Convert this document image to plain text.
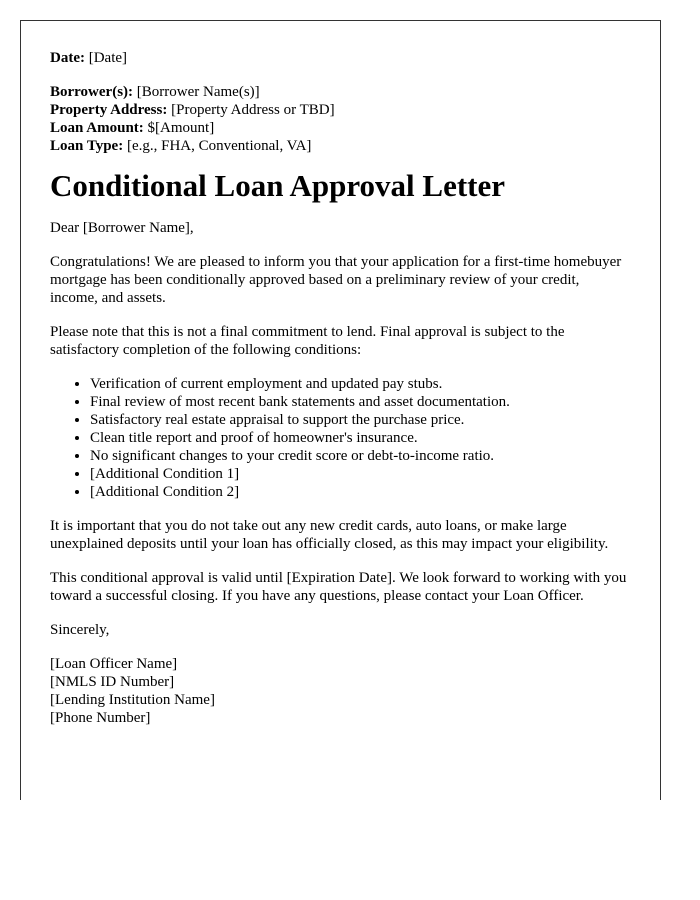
Date: [Date]
Borrower(s): [Borrower Name(s)]
Property Address: [Property Address or TBD]
Loan Amount: $[Amount]
Loan Type: [e.g., FHA, Conventional, VA]
Conditional Loan Approval Letter

Dear [Borrower Name],

Congratulations! We are pleased to inform you that your application for a first-time homebuyer mortgage has been conditionally approved based on a preliminary review of your credit, income, and assets.

Please note that this is not a final commitment to lend. Final approval is subject to the satisfactory completion of the following conditions:

• Verification of current employment and updated pay stubs.
• Final review of most recent bank statements and asset documentation.
• Satisfactory real estate appraisal to support the purchase price.
• Clean title report and proof of homeowner's insurance.
• No significant changes to your credit score or debt-to-income ratio.
• [Additional Condition 1]
• [Additional Condition 2]

It is important that you do not take out any new credit cards, auto loans, or make large unexplained deposits until your loan has officially closed, as this may impact your eligibility.

This conditional approval is valid until [Expiration Date]. We look forward to working with you toward a successful closing. If you have any questions, please contact your Loan Officer.

Sincerely,

[Loan Officer Name]

[NMLS ID Number]

[Lending Institution Name]

[Phone Number]
